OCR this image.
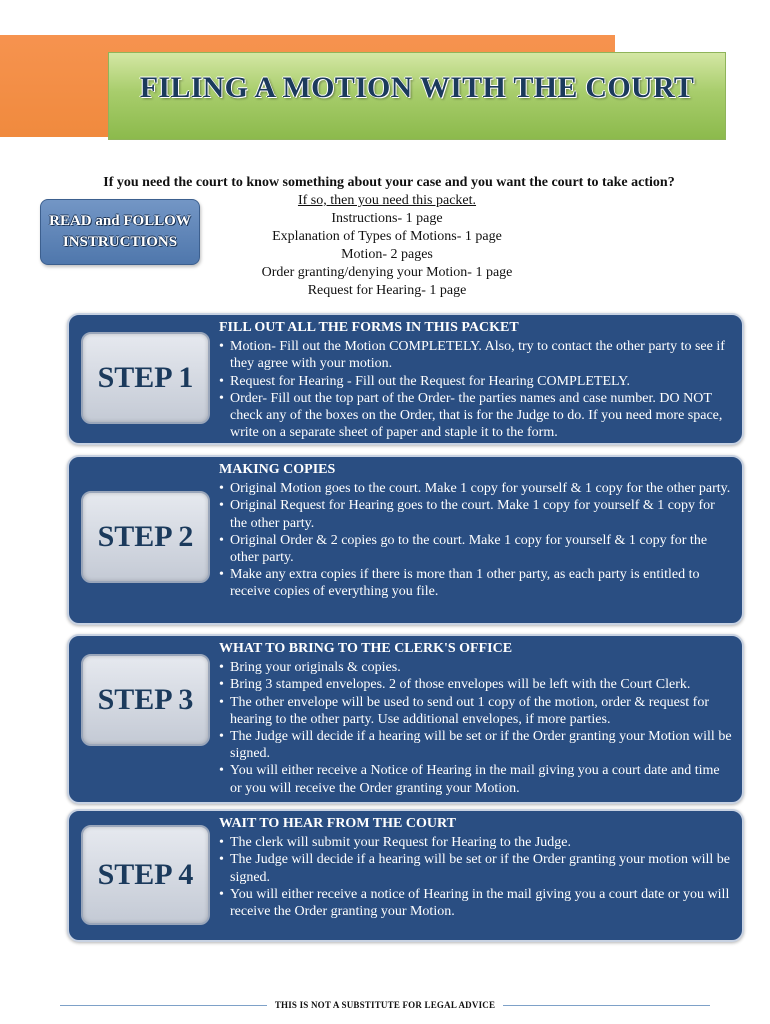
FILING A MOTION WITH THE COURT
If you need the court to know something about your case and you want the court to take action?
If so, then you need this packet.
Instructions- 1 page
Explanation of Types of Motions- 1 page
Motion- 2 pages
Order granting/denying your Motion- 1 page
Request for Hearing- 1 page
READ and FOLLOW
INSTRUCTIONS
STEP 1
FILL OUT ALL THE FORMS IN THIS PACKET
• Motion- Fill out the Motion COMPLETELY. Also, try to contact the other party to see if they agree with your motion.
• Request for Hearing - Fill out the Request for Hearing COMPLETELY.
• Order- Fill out the top part of the Order- the parties names and case number. DO NOT check any of the boxes on the Order, that is for the Judge to do. If you need more space, write on a separate sheet of paper and staple it to the form.
STEP 2
MAKING COPIES
• Original Motion goes to the court. Make 1 copy for yourself & 1 copy for the other party.
• Original Request for Hearing goes to the court. Make 1 copy for yourself & 1 copy for the other party.
• Original Order & 2 copies go to the court. Make 1 copy for yourself & 1 copy for the other party.
• Make any extra copies if there is more than 1 other party, as each party is entitled to receive copies of everything you file.
STEP 3
WHAT TO BRING TO THE CLERK'S OFFICE
• Bring your originals & copies.
• Bring 3 stamped envelopes. 2 of those envelopes will be left with the Court Clerk.
• The other envelope will be used to send out 1 copy of the motion, order & request for hearing to the other party. Use additional envelopes, if more parties.
• The Judge will decide if a hearing will be set or if the Order granting your Motion will be signed.
• You will either receive a Notice of Hearing in the mail giving you a court date and time or you will receive the Order granting your Motion.
STEP 4
WAIT TO HEAR FROM THE COURT
• The clerk will submit your Request for Hearing to the Judge.
• The Judge will decide if a hearing will be set or if the Order granting your motion will be signed.
• You will either receive a notice of Hearing in the mail giving you a court date or you will receive the Order granting your Motion.
THIS IS NOT A SUBSTITUTE FOR LEGAL ADVICE
